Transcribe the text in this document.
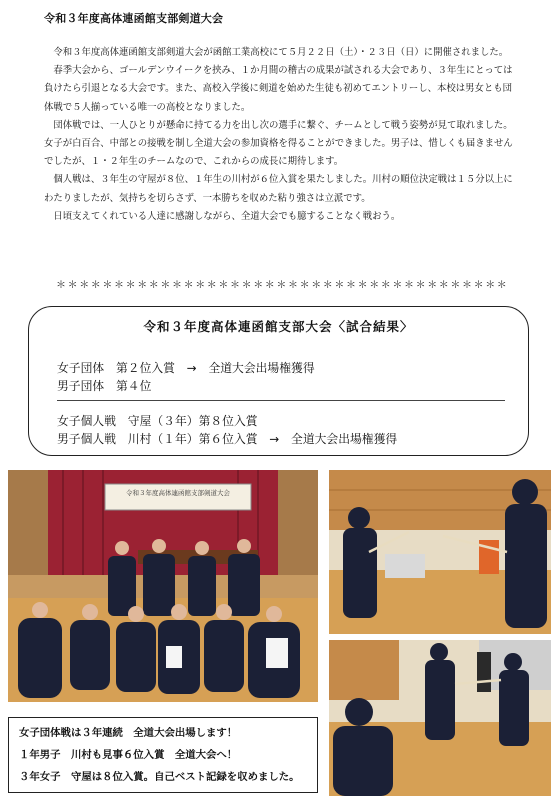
令和３年度高体連函館支部剣道大会

令和３年度高体連函館支部剣道大会が函館工業高校にて５月２２日（土）・２３日（日）に開催されました。

春季大会から、ゴールデンウイークを挟み、１か月間の稽古の成果が試される大会であり、３年生にとっては負けたら引退となる大会です。また、高校入学後に剣道を始めた生徒も初めてエントリーし、本校は男女とも団体戦で５人揃っている唯一の高校となりました。

団体戦では、一人ひとりが懸命に持てる力を出し次の選手に繋ぐ、チームとして戦う姿勢が見て取れました。女子が白百合、中部との接戦を制し全道大会の参加資格を得ることができました。男子は、惜しくも届きませんでしたが、１・２年生のチームなので、これからの成長に期待します。

個人戦は、３年生の守屋が８位、１年生の川村が６位入賞を果たしました。川村の順位決定戦は１５分以上にわたりましたが、気持ちを切らさず、一本勝ちを収めた粘り強さは立派です。

日頃支えてくれている人達に感謝しながら、全道大会でも臆することなく戦おう。

＊＊＊＊＊＊＊＊＊＊＊＊＊＊＊＊＊＊＊＊＊＊＊＊＊＊＊＊＊＊＊＊＊＊＊＊＊＊＊
令和３年度高体連函館支部大会〈試合結果〉
女子団体　第２位入賞　→　全道大会出場権獲得
男子団体　第４位
女子個人戦　守屋（３年）第８位入賞
男子個人戦　川村（１年）第６位入賞　→　全道大会出場権獲得
令和３年度高体連函館支部剣道大会
女子団体戦は３年連続　全道大会出場します！
１年男子　川村も見事６位入賞　全道大会へ！
３年女子　守屋は８位入賞。自己ベスト記録を収めました。
